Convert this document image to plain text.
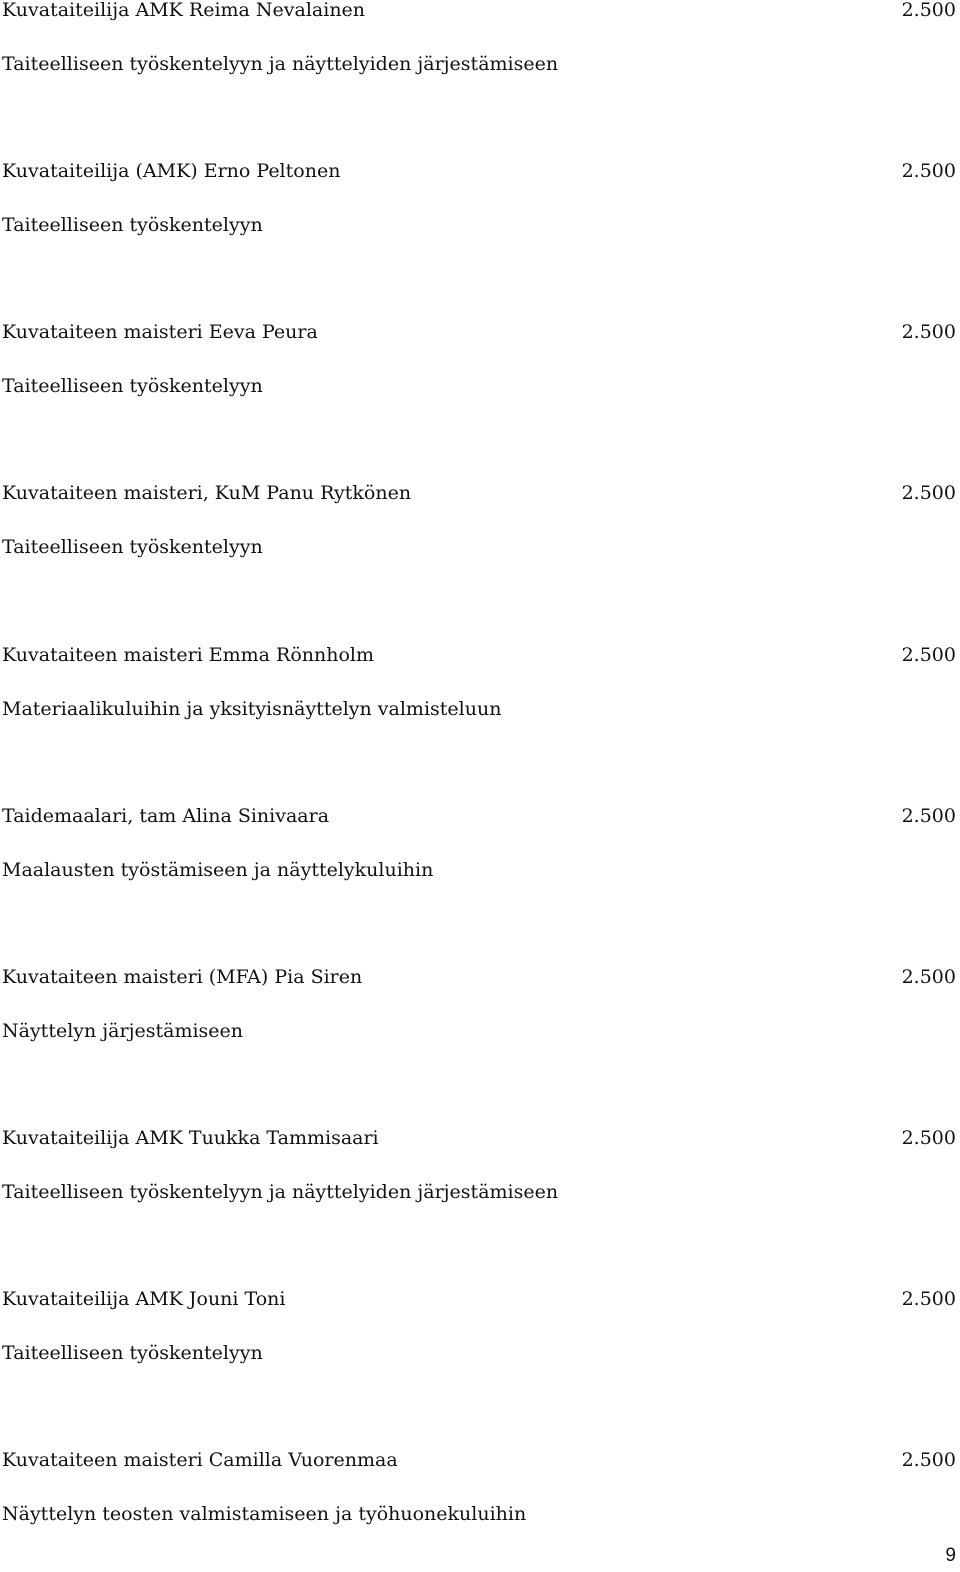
Kuvataiteilija AMK Reima Nevalainen	2.500
Taiteelliseen työskentelyyn ja näyttelyiden järjestämiseen
Kuvataiteilija (AMK) Erno Peltonen	2.500
Taiteelliseen työskentelyyn
Kuvataiteen maisteri Eeva Peura	2.500
Taiteelliseen työskentelyyn
Kuvataiteen maisteri, KuM Panu Rytkönen	2.500
Taiteelliseen työskentelyyn
Kuvataiteen maisteri Emma Rönnholm	2.500
Materiaalikuluihin ja yksityisnäyttelyn valmisteluun
Taidemaalari, tam Alina Sinivaara	2.500
Maalausten työstämiseen ja näyttelykuluihin
Kuvataiteen maisteri (MFA) Pia Siren	2.500
Näyttelyn järjestämiseen
Kuvataiteilija AMK Tuukka Tammisaari	2.500
Taiteelliseen työskentelyyn ja näyttelyiden järjestämiseen
Kuvataiteilija AMK Jouni Toni	2.500
Taiteelliseen työskentelyyn
Kuvataiteen maisteri Camilla Vuorenmaa	2.500
Näyttelyn teosten valmistamiseen ja työhuonekuluihin
9
